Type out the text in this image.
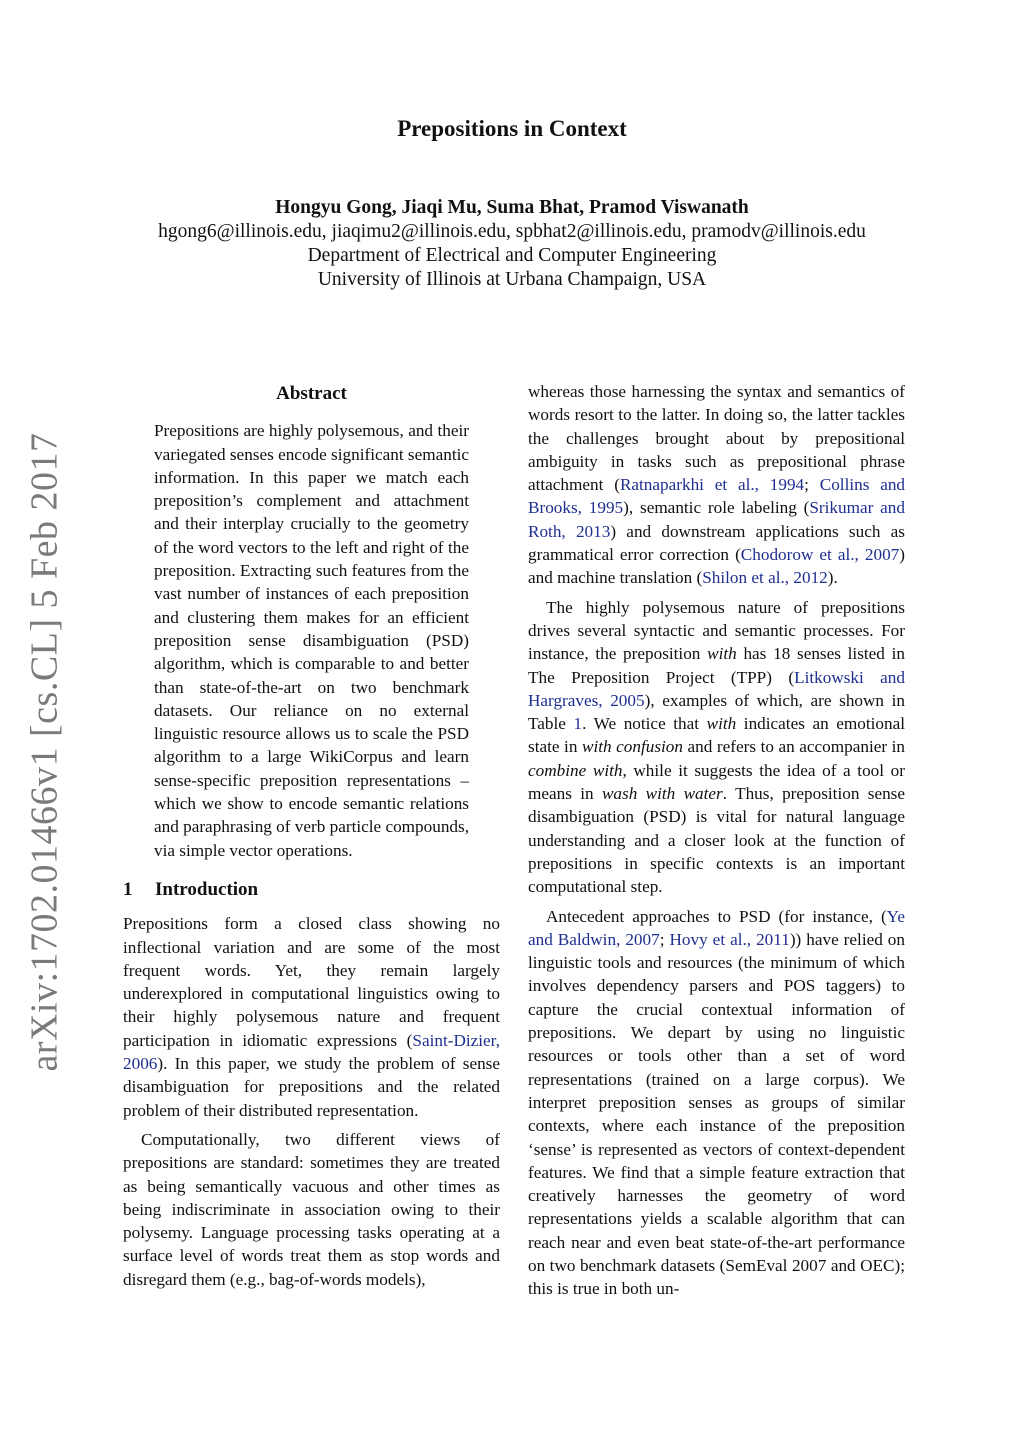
arXiv:1702.01466v1 [cs.CL] 5 Feb 2017
Prepositions in Context
Hongyu Gong, Jiaqi Mu, Suma Bhat, Pramod Viswanath
hgong6@illinois.edu, jiaqimu2@illinois.edu, spbhat2@illinois.edu, pramodv@illinois.edu
Department of Electrical and Computer Engineering
University of Illinois at Urbana Champaign, USA
Abstract

Prepositions are highly polysemous, and their variegated senses encode significant semantic information. In this paper we match each preposition’s complement and attachment and their interplay crucially to the geometry of the word vectors to the left and right of the preposition. Extracting such features from the vast number of instances of each preposition and clustering them makes for an efficient preposition sense disambiguation (PSD) algorithm, which is comparable to and better than state-of-the-art on two benchmark datasets. Our reliance on no external linguistic resource allows us to scale the PSD algorithm to a large WikiCorpus and learn sense-specific preposition representations – which we show to encode semantic relations and paraphrasing of verb particle compounds, via simple vector operations.

1	Introduction

Prepositions form a closed class showing no inflectional variation and are some of the most frequent words. Yet, they remain largely underexplored in computational linguistics owing to their highly polysemous nature and frequent participation in idiomatic expressions (Saint-Dizier, 2006). In this paper, we study the problem of sense disambiguation for prepositions and the related problem of their distributed representation.

Computationally, two different views of prepositions are standard: sometimes they are treated as being semantically vacuous and other times as being indiscriminate in association owing to their polysemy. Language processing tasks operating at a surface level of words treat them as stop words and disregard them (e.g., bag-of-words models),

whereas those harnessing the syntax and semantics of words resort to the latter. In doing so, the latter tackles the challenges brought about by prepositional ambiguity in tasks such as prepositional phrase attachment (Ratnaparkhi et al., 1994; Collins and Brooks, 1995), semantic role labeling (Srikumar and Roth, 2013) and downstream applications such as grammatical error correction (Chodorow et al., 2007) and machine translation (Shilon et al., 2012).

The highly polysemous nature of prepositions drives several syntactic and semantic processes. For instance, the preposition with has 18 senses listed in The Preposition Project (TPP) (Litkowski and Hargraves, 2005), examples of which, are shown in Table 1. We notice that with indicates an emotional state in with confusion and refers to an accompanier in combine with, while it suggests the idea of a tool or means in wash with water. Thus, preposition sense disambiguation (PSD) is vital for natural language understanding and a closer look at the function of prepositions in specific contexts is an important computational step.

Antecedent approaches to PSD (for instance, (Ye and Baldwin, 2007; Hovy et al., 2011)) have relied on linguistic tools and resources (the minimum of which involves dependency parsers and POS taggers) to capture the crucial contextual information of prepositions. We depart by using no linguistic resources or tools other than a set of word representations (trained on a large corpus). We interpret preposition senses as groups of similar contexts, where each instance of the preposition ‘sense’ is represented as vectors of context-dependent features. We find that a simple feature extraction that creatively harnesses the geometry of word representations yields a scalable algorithm that can reach near and even beat state-of-the-art performance on two benchmark datasets (SemEval 2007 and OEC); this is true in both un-
